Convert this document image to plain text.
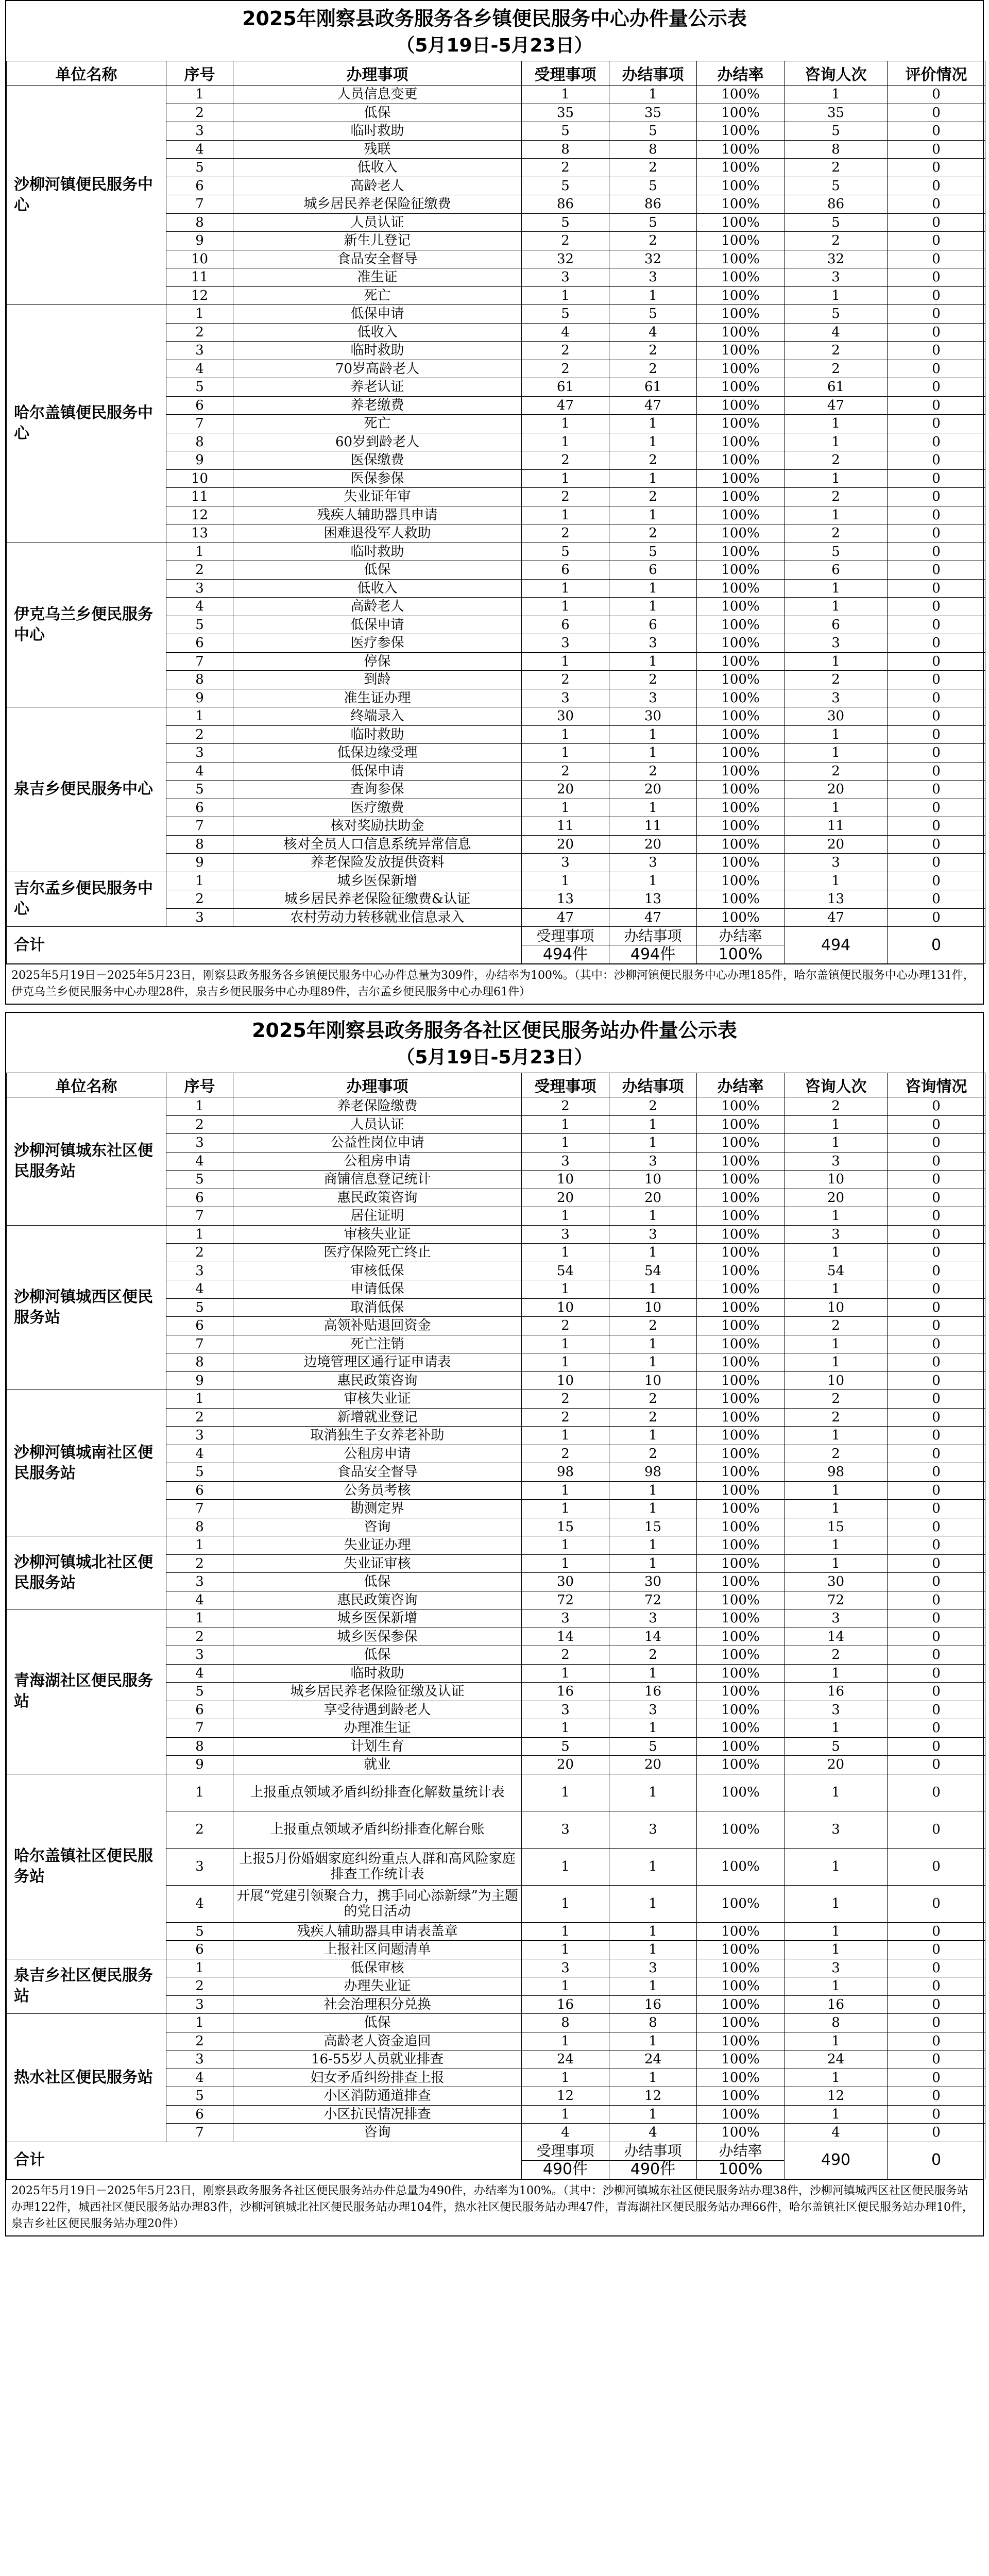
2025年刚察县政务服务各乡镇便民服务中心办件量公示表
（5月19日-5月23日）
单位名称	序号	办理事项	受理事项	办结事项	办结率	咨询人次	评价情况
沙柳河镇便民服务中心	1	人员信息变更	1	1	100%	1	0
	2	低保	35	35	100%	35	0
	3	临时救助	5	5	100%	5	0
	4	残联	8	8	100%	8	0
	5	低收入	2	2	100%	2	0
	6	高龄老人	5	5	100%	5	0
	7	城乡居民养老保险征缴费	86	86	100%	86	0
	8	人员认证	5	5	100%	5	0
	9	新生儿登记	2	2	100%	2	0
	10	食品安全督导	32	32	100%	32	0
	11	准生证	3	3	100%	3	0
	12	死亡	1	1	100%	1	0
哈尔盖镇便民服务中心	1	低保申请	5	5	100%	5	0
	2	低收入	4	4	100%	4	0
	3	临时救助	2	2	100%	2	0
	4	70岁高龄老人	2	2	100%	2	0
	5	养老认证	61	61	100%	61	0
	6	养老缴费	47	47	100%	47	0
	7	死亡	1	1	100%	1	0
	8	60岁到龄老人	1	1	100%	1	0
	9	医保缴费	2	2	100%	2	0
	10	医保参保	1	1	100%	1	0
	11	失业证年审	2	2	100%	2	0
	12	残疾人辅助器具申请	1	1	100%	1	0
	13	困难退役军人救助	2	2	100%	2	0
伊克乌兰乡便民服务中心	1	临时救助	5	5	100%	5	0
	2	低保	6	6	100%	6	0
	3	低收入	1	1	100%	1	0
	4	高龄老人	1	1	100%	1	0
	5	低保申请	6	6	100%	6	0
	6	医疗参保	3	3	100%	3	0
	7	停保	1	1	100%	1	0
	8	到龄	2	2	100%	2	0
	9	准生证办理	3	3	100%	3	0
泉吉乡便民服务中心	1	终端录入	30	30	100%	30	0
	2	临时救助	1	1	100%	1	0
	3	低保边缘受理	1	1	100%	1	0
	4	低保申请	2	2	100%	2	0
	5	查询参保	20	20	100%	20	0
	6	医疗缴费	1	1	100%	1	0
	7	核对奖励扶助金	11	11	100%	11	0
	8	核对全员人口信息系统异常信息	20	20	100%	20	0
	9	养老保险发放提供资料	3	3	100%	3	0
吉尔孟乡便民服务中心	1	城乡医保新增	1	1	100%	1	0
	2	城乡居民养老保险征缴费&认证	13	13	100%	13	0
	3	农村劳动力转移就业信息录入	47	47	100%	47	0
合计			受理事项	办结事项	办结率	494	0
			494件	494件	100%		
2025年5月19日－2025年5月23日，刚察县政务服务各乡镇便民服务中心办件总量为309件，办结率为100%。（其中：沙柳河镇便民服务中心办理185件，哈尔盖镇便民服务中心办理131件，伊克乌兰乡便民服务中心办理28件，泉吉乡便民服务中心办理89件，吉尔孟乡便民服务中心办理61件）
2025年刚察县政务服务各社区便民服务站办件量公示表
（5月19日-5月23日）
单位名称	序号	办理事项	受理事项	办结事项	办结率	咨询人次	咨询情况
沙柳河镇城东社区便民服务站	1	养老保险缴费	2	2	100%	2	0
	2	人员认证	1	1	100%	1	0
	3	公益性岗位申请	1	1	100%	1	0
	4	公租房申请	3	3	100%	3	0
	5	商铺信息登记统计	10	10	100%	10	0
	6	惠民政策咨询	20	20	100%	20	0
	7	居住证明	1	1	100%	1	0
沙柳河镇城西区便民服务站	1	审核失业证	3	3	100%	3	0
	2	医疗保险死亡终止	1	1	100%	1	0
	3	审核低保	54	54	100%	54	0
	4	申请低保	1	1	100%	1	0
	5	取消低保	10	10	100%	10	0
	6	高领补贴退回资金	2	2	100%	2	0
	7	死亡注销	1	1	100%	1	0
	8	边境管理区通行证申请表	1	1	100%	1	0
	9	惠民政策咨询	10	10	100%	10	0
沙柳河镇城南社区便民服务站	1	审核失业证	2	2	100%	2	0
	2	新增就业登记	2	2	100%	2	0
	3	取消独生子女养老补助	1	1	100%	1	0
	4	公租房申请	2	2	100%	2	0
	5	食品安全督导	98	98	100%	98	0
	6	公务员考核	1	1	100%	1	0
	7	勘测定界	1	1	100%	1	0
	8	咨询	15	15	100%	15	0
沙柳河镇城北社区便民服务站	1	失业证办理	1	1	100%	1	0
	2	失业证审核	1	1	100%	1	0
	3	低保	30	30	100%	30	0
	4	惠民政策咨询	72	72	100%	72	0
青海湖社区便民服务站	1	城乡医保新增	3	3	100%	3	0
	2	城乡医保参保	14	14	100%	14	0
	3	低保	2	2	100%	2	0
	4	临时救助	1	1	100%	1	0
	5	城乡居民养老保险征缴及认证	16	16	100%	16	0
	6	享受待遇到龄老人	3	3	100%	3	0
	7	办理准生证	1	1	100%	1	0
	8	计划生育	5	5	100%	5	0
	9	就业	20	20	100%	20	0
哈尔盖镇社区便民服务站	1	上报重点领域矛盾纠纷排查化解数量统计表	1	1	100%	1	0
	2	上报重点领域矛盾纠纷排查化解台账	3	3	100%	3	0
	3	上报5月份婚姻家庭纠纷重点人群和高风险家庭排查工作统计表	1	1	100%	1	0
	4	开展“党建引领聚合力，携手同心添新绿”为主题的党日活动	1	1	100%	1	0
	5	残疾人辅助器具申请表盖章	1	1	100%	1	0
	6	上报社区问题清单	1	1	100%	1	0
泉吉乡社区便民服务站	1	低保审核	3	3	100%	3	0
	2	办理失业证	1	1	100%	1	0
	3	社会治理积分兑换	16	16	100%	16	0
热水社区便民服务站	1	低保	8	8	100%	8	0
	2	高龄老人资金追回	1	1	100%	1	0
	3	16-55岁人员就业排查	24	24	100%	24	0
	4	妇女矛盾纠纷排查上报	1	1	100%	1	0
	5	小区消防通道排查	12	12	100%	12	0
	6	小区抗民情况排查	1	1	100%	1	0
	7	咨询	4	4	100%	4	0
合计			受理事项	办结事项	办结率	490	0
			490件	490件	100%		
2025年5月19日－2025年5月23日，刚察县政务服务各社区便民服务站办件总量为490件，办结率为100%。（其中：沙柳河镇城东社区便民服务站办理38件，沙柳河镇城西区社区便民服务站办理122件，城西社区便民服务站办理83件，沙柳河镇城北社区便民服务站办理104件，热水社区便民服务站办理47件，青海湖社区便民服务站办理66件，哈尔盖镇社区便民服务站办理10件，泉吉乡社区便民服务站办理20件）
